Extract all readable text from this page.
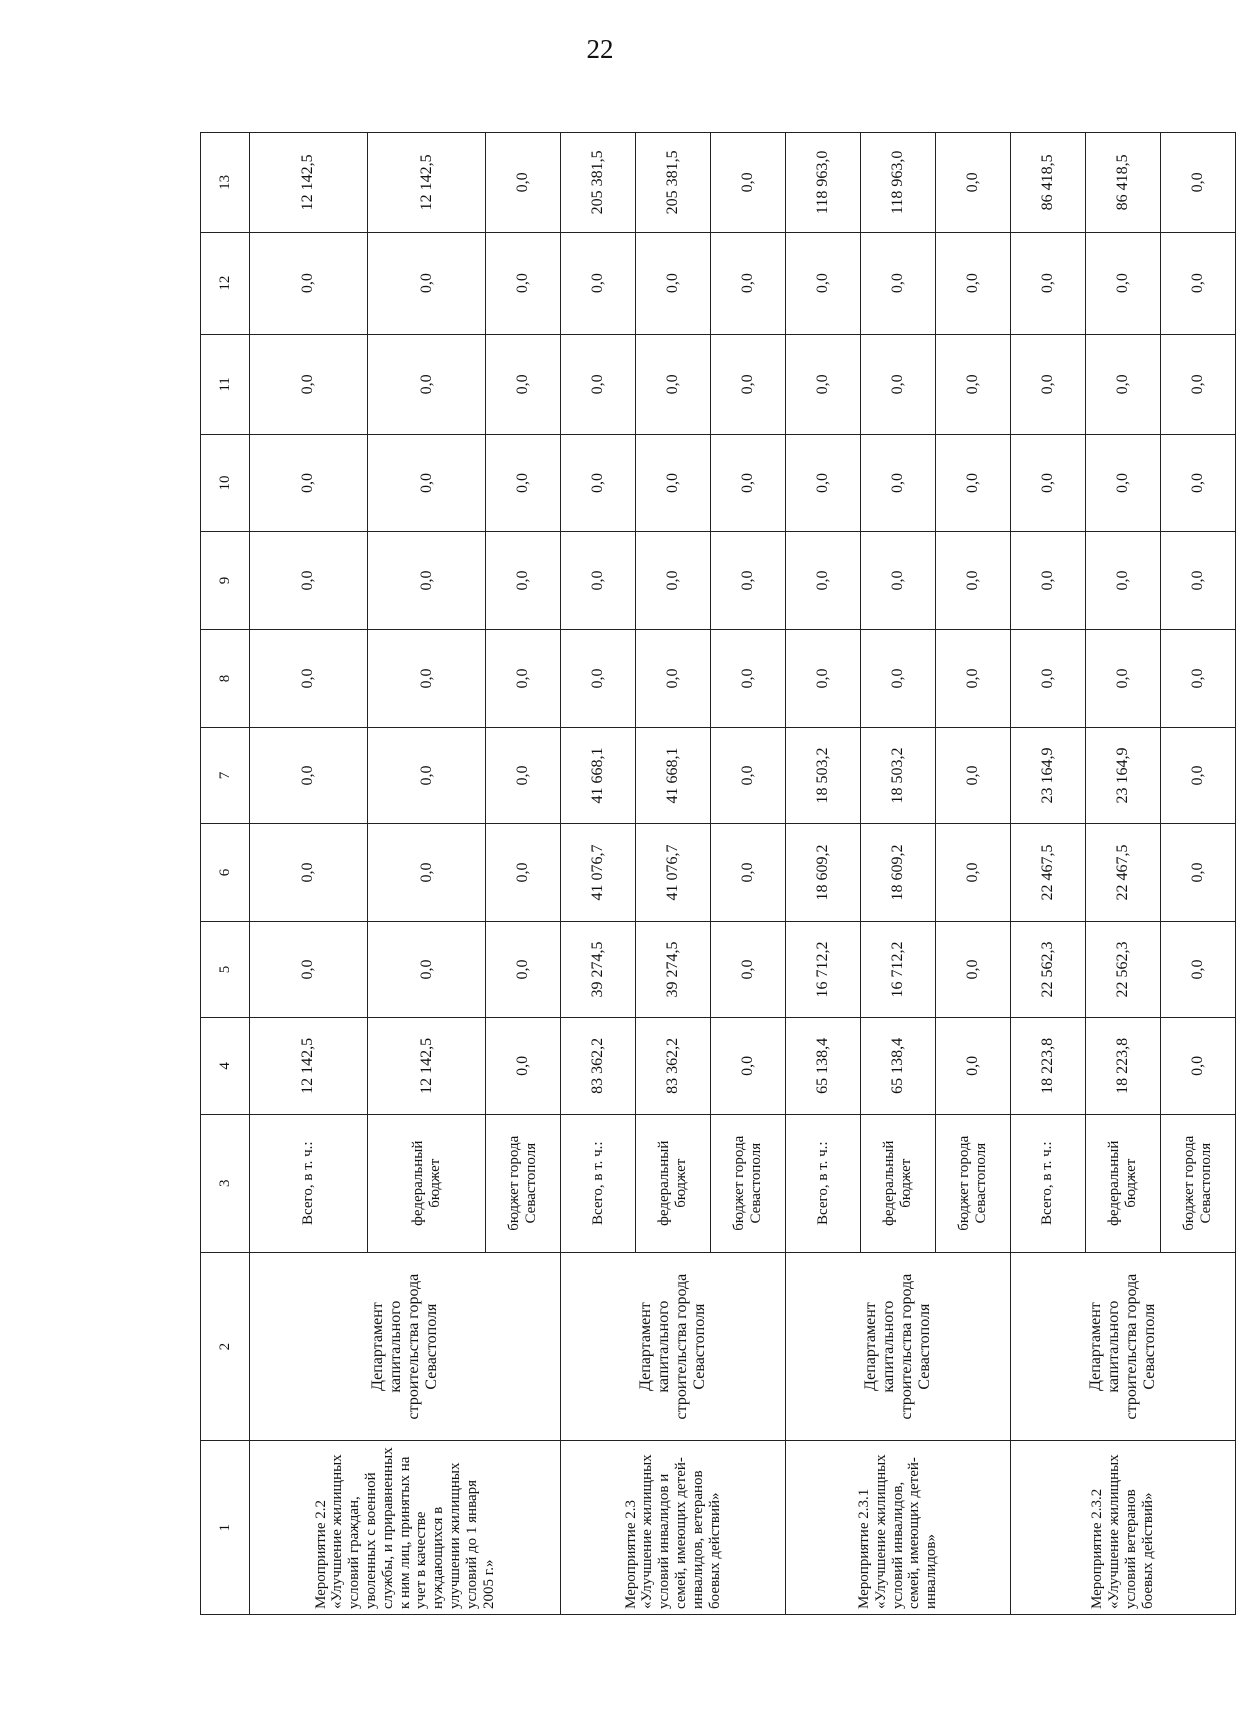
22
1	2	3	4	5	6	7	8	9	10	11	12	13
Мероприятие 2.2 «Улучшение жилищных условий граждан, уволенных с военной службы, и приравненных к ним лиц, принятых на учет в качестве нуждающихся в улучшении жилищных условий до 1 января 2005 г.»	Департамент капитального строительства города Севастополя	Всего, в т. ч.:	12 142,5	0,0	0,0	0,0	0,0	0,0	0,0	0,0	0,0	12 142,5
		федеральный бюджет	12 142,5	0,0	0,0	0,0	0,0	0,0	0,0	0,0	0,0	12 142,5
		бюджет города Севастополя	0,0	0,0	0,0	0,0	0,0	0,0	0,0	0,0	0,0	0,0
Мероприятие 2.3 «Улучшение жилищных условий инвалидов и семей, имеющих детей-инвалидов, ветеранов боевых действий»	Департамент капитального строительства города Севастополя	Всего, в т. ч.:	83 362,2	39 274,5	41 076,7	41 668,1	0,0	0,0	0,0	0,0	0,0	205 381,5
		федеральный бюджет	83 362,2	39 274,5	41 076,7	41 668,1	0,0	0,0	0,0	0,0	0,0	205 381,5
		бюджет города Севастополя	0,0	0,0	0,0	0,0	0,0	0,0	0,0	0,0	0,0	0,0
Мероприятие 2.3.1 «Улучшение жилищных условий инвалидов, семей, имеющих детей-инвалидов»	Департамент капитального строительства города Севастополя	Всего, в т. ч.:	65 138,4	16 712,2	18 609,2	18 503,2	0,0	0,0	0,0	0,0	0,0	118 963,0
		федеральный бюджет	65 138,4	16 712,2	18 609,2	18 503,2	0,0	0,0	0,0	0,0	0,0	118 963,0
		бюджет города Севастополя	0,0	0,0	0,0	0,0	0,0	0,0	0,0	0,0	0,0	0,0
Мероприятие 2.3.2 «Улучшение жилищных условий ветеранов боевых действий»	Департамент капитального строительства города Севастополя	Всего, в т. ч.:	18 223,8	22 562,3	22 467,5	23 164,9	0,0	0,0	0,0	0,0	0,0	86 418,5
		федеральный бюджет	18 223,8	22 562,3	22 467,5	23 164,9	0,0	0,0	0,0	0,0	0,0	86 418,5
		бюджет города Севастополя	0,0	0,0	0,0	0,0	0,0	0,0	0,0	0,0	0,0	0,0
